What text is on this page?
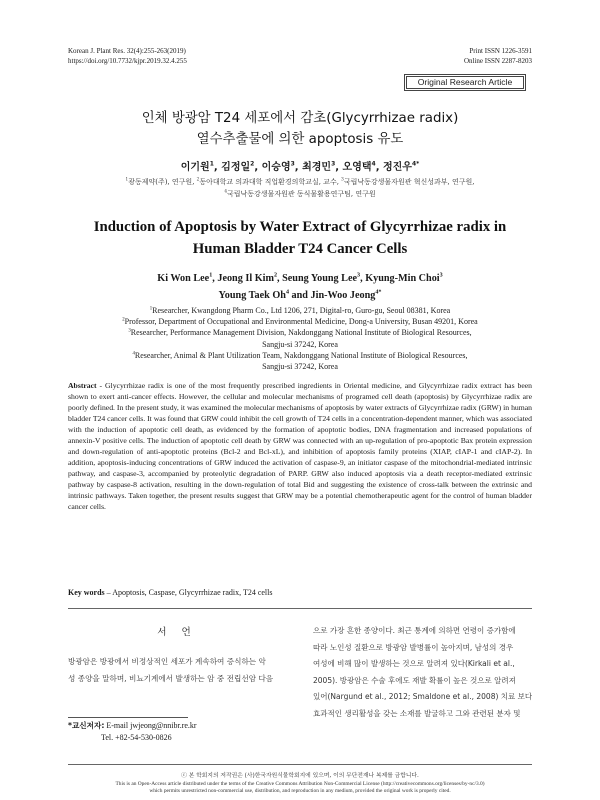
Korean J. Plant Res. 32(4):255-263(2019)
https://doi.org/10.7732/kjpr.2019.32.4.255
Print ISSN 1226-3591
Online ISSN 2287-8203
Original Research Article
인체 방광암 T24 세포에서 감초(Glycyrrhizae radix)
열수추출물에 의한 apoptosis 유도
이기원$^1$, 김정일$^2$, 이승영$^3$, 최경민$^3$, 오영택$^4$, 정진우$^{4*}$
$^1$광동제약(주), 연구원, $^2$동아대학교 의과대학 직업환경의학교실, 교수, $^3$국립낙동강생물자원관 혁신성과부, 연구원,
$^4$국립낙동강생물자원관 동식물활용연구팀, 연구원
Induction of Apoptosis by Water Extract of Glycyrrhizae radix in
Human Bladder T24 Cancer Cells
Ki Won Lee$^1$, Jeong Il Kim$^2$, Seung Young Lee$^3$, Kyung-Min Choi$^3$
Young Taek Oh$^4$ and Jin-Woo Jeong$^{4*}$
$^1$Researcher, Kwangdong Pharm Co., Ltd 1206, 271, Digital-ro, Guro-gu, Seoul 08381, Korea
$^2$Professor, Department of Occupational and Environmental Medicine, Dong-a University, Busan 49201, Korea
$^3$Researcher, Performance Management Division, Nakdonggang National Institute of Biological Resources,
Sangju-si 37242, Korea
$^4$Researcher, Animal & Plant Utilization Team, Nakdonggang National Institute of Biological Resources,
Sangju-si 37242, Korea
Abstract - Glycyrrhizae radix is one of the most frequently prescribed ingredients in Oriental medicine, and Glycyrrhizae radix extract has been shown to exert anti-cancer effects. However, the cellular and molecular mechanisms of programed cell death (apoptosis) by Glycyrrhizae radix are poorly defined. In the present study, it was examined the molecular mechanisms of apoptosis by water extracts of Glycyrrhizae radix (GRW) in human bladder T24 cancer cells. It was found that GRW could inhibit the cell growth of T24 cells in a concentration-dependent manner, which was associated with the induction of apoptotic cell death, as evidenced by the formation of apoptotic bodies, DNA fragmentation and increased populations of annexin-V positive cells. The induction of apoptotic cell death by GRW was connected with an up-regulation of pro-apoptotic Bax protein expression and down-regulation of anti-apoptotic proteins (Bcl-2 and Bcl-xL), and inhibition of apoptosis family proteins (XIAP, cIAP-1 and cIAP-2). In addition, apoptosis-inducing concentrations of GRW induced the activation of caspase-9, an initiator caspase of the mitochondrial-mediated intrinsic pathway, and caspase-3, accompanied by proteolytic degradation of PARP. GRW also induced apoptosis via a death receptor-mediated extrinsic pathway by caspase-8 activation, resulting in the down-regulation of total Bid and suggesting the existence of cross-talk between the extrinsic and intrinsic pathways. Taken together, the present results suggest that GRW may be a potential chemotherapeutic agent for the control of human bladder cancer cells.
Key words – Apoptosis, Caspase, Glycyrrhizae radix, T24 cells
서 언

방광암은 방광에서 비정상적인 세포가 계속하여 증식하는 악

성 종양을 말하며, 비뇨기계에서 발생하는 암 중 전립선암 다음

으로 가장 흔한 종양이다. 최근 통계에 의하면 연령이 증가함에

따라 노인성 질환으로 방광암 발병률이 높아지며, 남성의 경우

여성에 비해 많이 발생하는 것으로 알려져 있다(Kirkali et al.,

2005). 방광암은 수술 후에도 재발 확률이 높은 것으로 알려져

있어(Nargund et al., 2012; Smaldone et al., 2008) 치료 보다

효과적인 생리활성을 갖는 소재를 발굴하고 그와 관련된 분자 및

*교신저자: E-mail jwjeong@nnibr.re.kr
Tel. +82-54-530-0826
ⓒ 본 학회지의 저작권은 (사)한국자원식물학회지에 있으며, 이의 무단전재나 복제를 금합니다.
This is an Open-Access article distributed under the terms of the Creative Commons Attribution Non-Commercial License (http://creativecommons.org/licenses/by-nc/3.0)
which permits unrestricted non-commercial use, distribution, and reproduction in any medium, provided the original work is properly cited.
